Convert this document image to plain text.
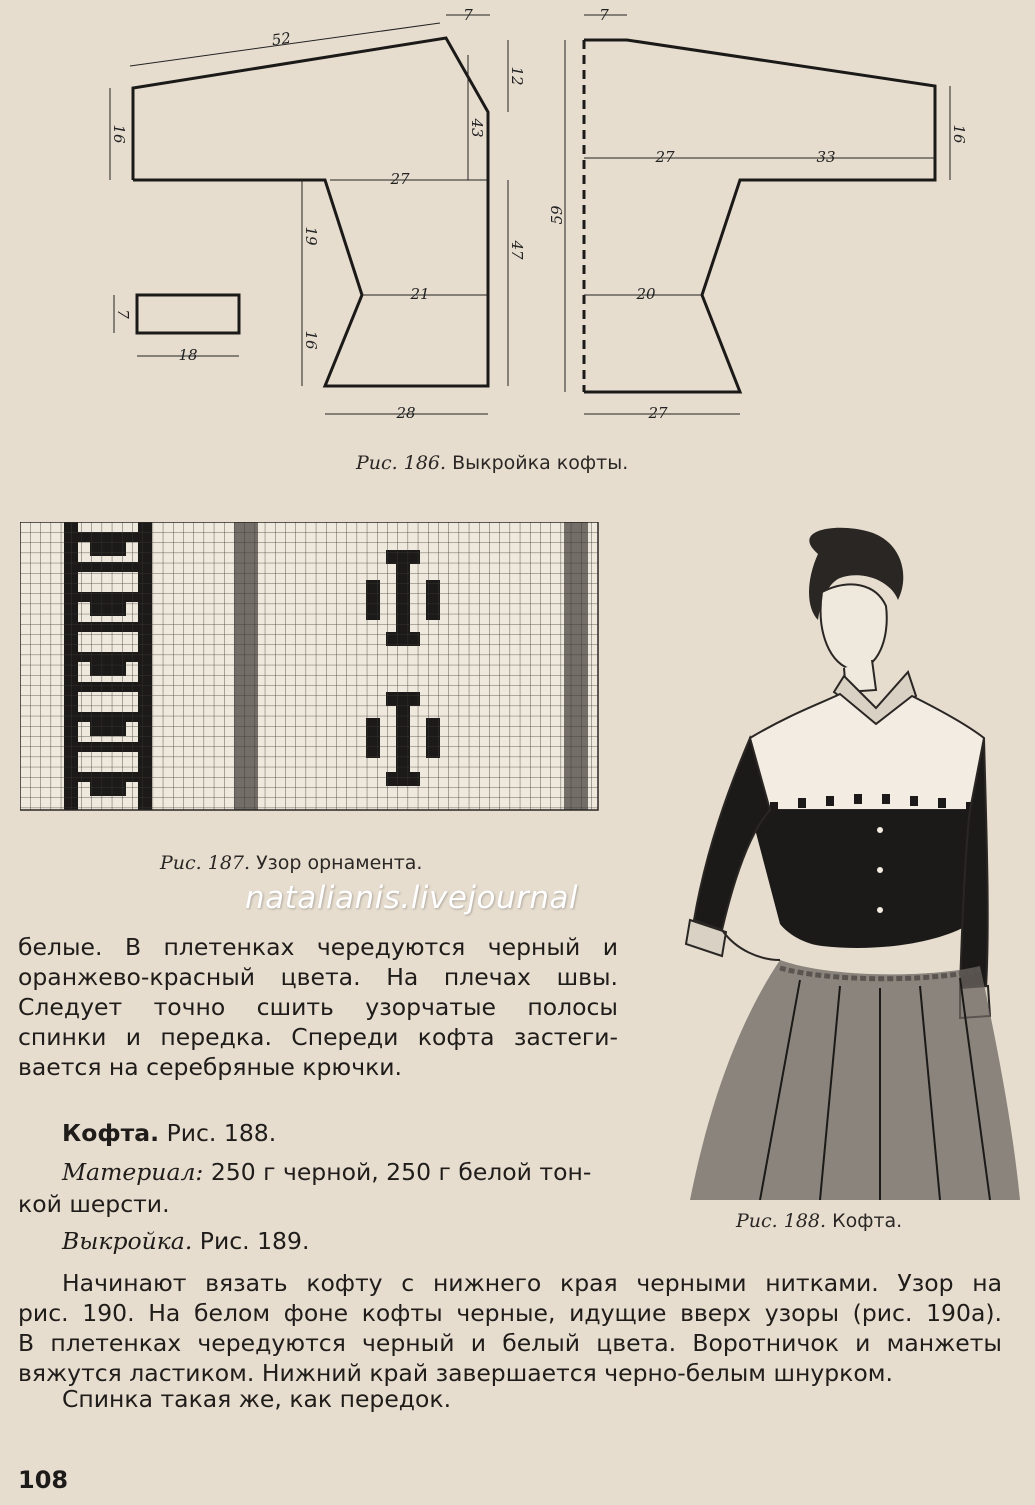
52
7
12
16	43
27
19
21
16
47
28
7
59
27	33
16
20
27
7
18
Рис. 186. Выкройка кофты.
Рис. 187. Узор орнамента.
natalianis.livejournal
Рис. 188. Кофта.

белые. В плетенках чередуются черный и

оранжево-красный цвета. На плечах швы.

Следует точно сшить узорчатые полосы

спинки и передка. Спереди кофта застеги-

вается на серебряные крючки.

Кофта. Рис. 188.
Материал: 250 г черной, 250 г белой тон-
кой шерсти.
Выкройка. Рис. 189.

Начинают вязать кофту с нижнего края черными нитками. Узор на

рис. 190. На белом фоне кофты черные, идущие вверх узоры (рис. 190а).

В плетенках чередуются черный и белый цвета. Воротничок и манжеты

вяжутся ластиком. Нижний край завершается черно-белым шнурком.

Спинка такая же, как передок.
108
